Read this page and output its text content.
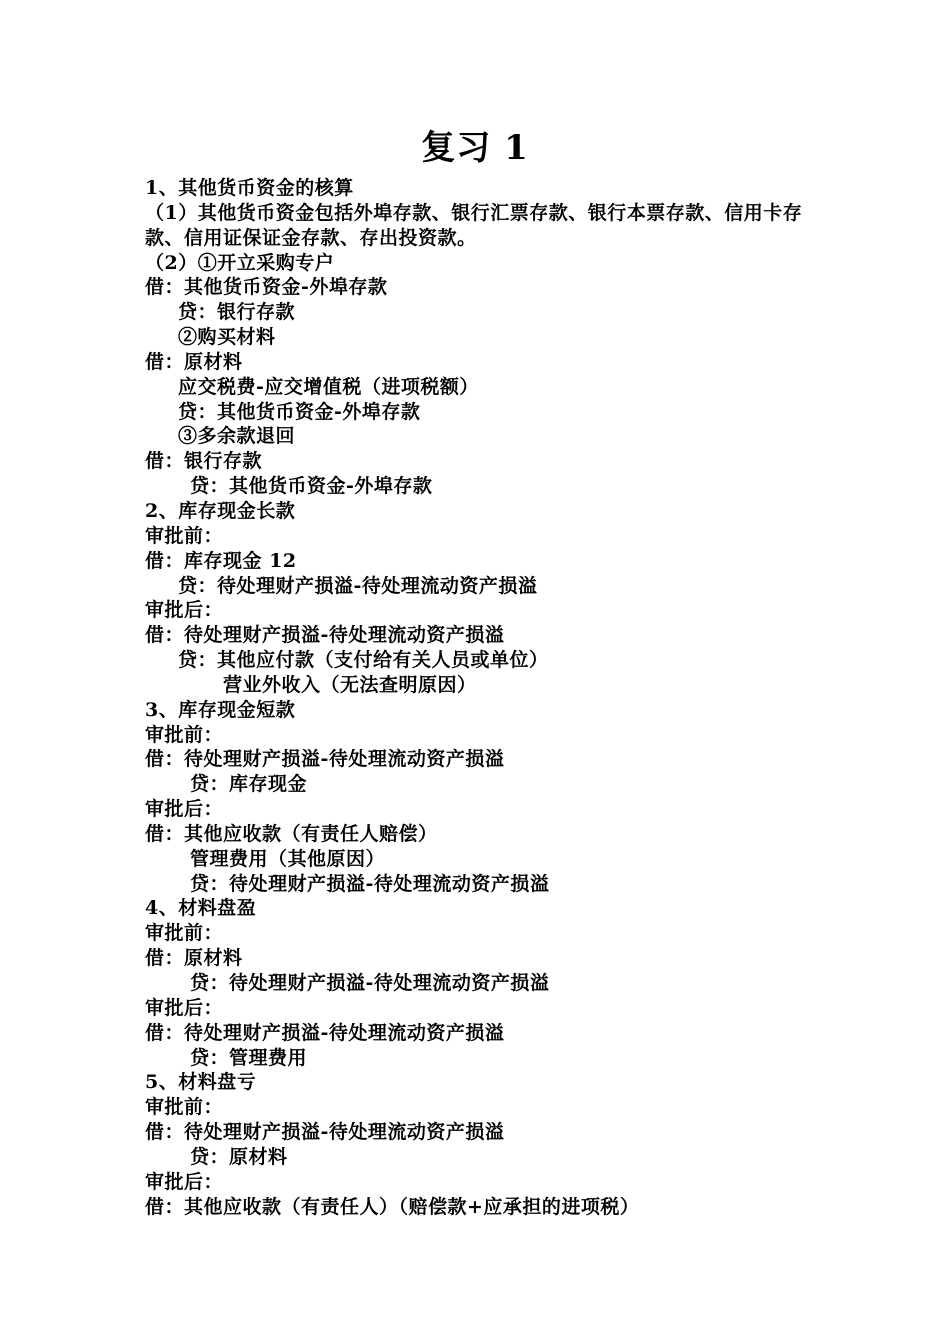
复习 1
1、其他货币资金的核算
（1）其他货币资金包括外埠存款、银行汇票存款、银行本票存款、信用卡存款、信用证保证金存款、存出投资款。
（2）①开立采购专户
借：其他货币资金-外埠存款
贷：银行存款
②购买材料
借：原材料
应交税费-应交增值税（进项税额）
贷：其他货币资金-外埠存款
③多余款退回
借：银行存款
贷：其他货币资金-外埠存款
2、库存现金长款
审批前：
借：库存现金 12
贷：待处理财产损溢-待处理流动资产损溢
审批后：
借：待处理财产损溢-待处理流动资产损溢
贷：其他应付款（支付给有关人员或单位）
营业外收入（无法查明原因）
3、库存现金短款
审批前：
借：待处理财产损溢-待处理流动资产损溢
贷：库存现金
审批后：
借：其他应收款（有责任人赔偿）
管理费用（其他原因）
贷：待处理财产损溢-待处理流动资产损溢
4、材料盘盈
审批前：
借：原材料
贷：待处理财产损溢-待处理流动资产损溢
审批后：
借：待处理财产损溢-待处理流动资产损溢
贷：管理费用
5、材料盘亏
审批前：
借：待处理财产损溢-待处理流动资产损溢
贷：原材料
审批后：
借：其他应收款（有责任人）（赔偿款+应承担的进项税）
